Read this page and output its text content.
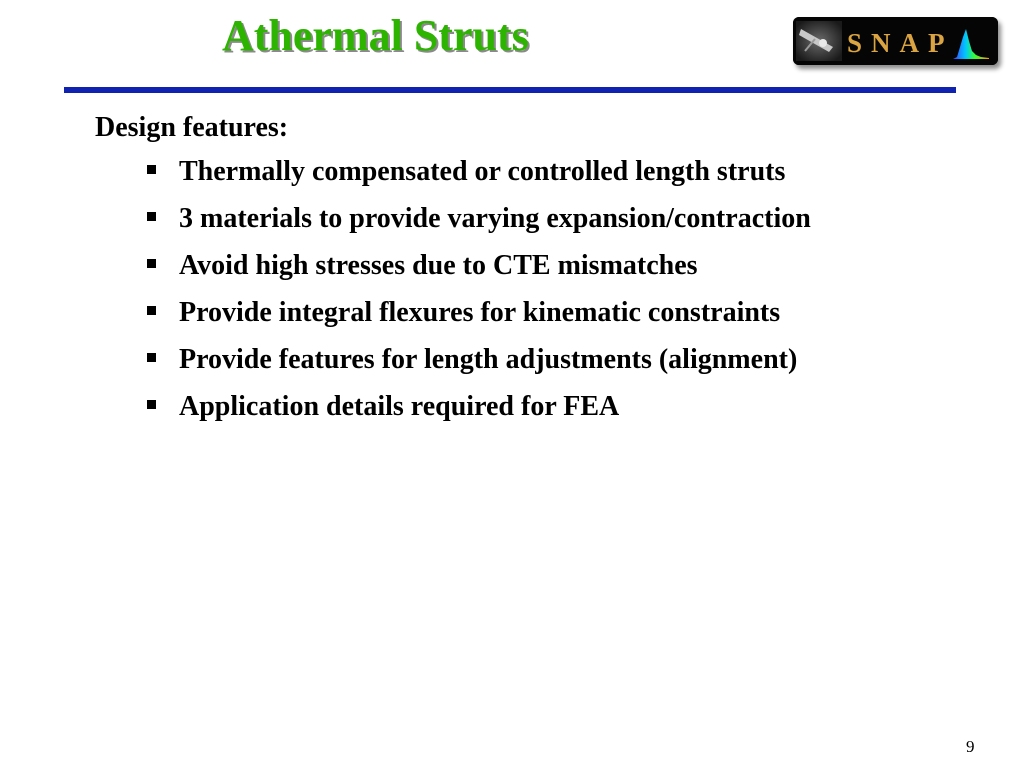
Athermal Struts	SNAP
Design features:
Thermally compensated or controlled length struts
3 materials to provide varying expansion/contraction
Avoid high stresses due to CTE mismatches
Provide integral flexures for kinematic constraints
Provide features for length adjustments (alignment)
Application details required for FEA
9
